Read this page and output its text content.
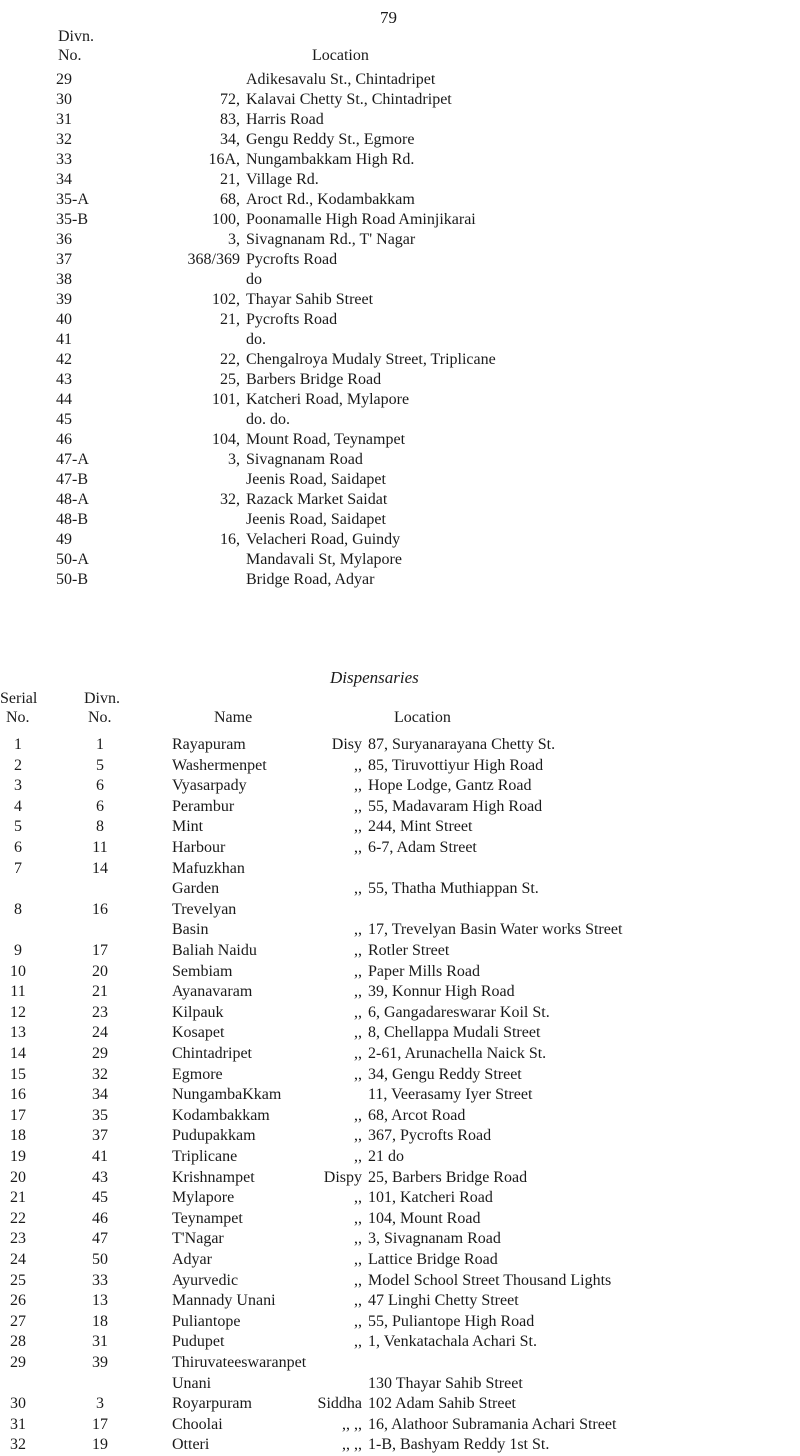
79
Divn.
No.	Location
29	Adikesavalu St., Chintadripet
30	72, Kalavai Chetty St., Chintadripet
31	83, Harris Road
32	34, Gengu Reddy St., Egmore
33	16A, Nungambakkam High Rd.
34	21, Village Rd.
35-A	68, Aroct Rd., Kodambakkam
35-B	100, Poonamalle High Road Aminjikarai
36	3, Sivagnanam Rd., T' Nagar
37	368/369 Pycrofts Road
38	do
39	102, Thayar Sahib Street
40	21, Pycrofts Road
41	do.
42	22, Chengalroya Mudaly Street, Triplicane
43	25, Barbers Bridge Road
44	101, Katcheri Road, Mylapore
45	do. do.
46	104, Mount Road, Teynampet
47-A	3, Sivagnanam Road
47-B	Jeenis Road, Saidapet
48-A	32, Razack Market Saidat
48-B	Jeenis Road, Saidapet
49	16, Velacheri Road, Guindy
50-A	Mandavali St, Mylapore
50-B	Bridge Road, Adyar
Dispensaries
Serial
No.
Divn.
No.	Name	Location
1	1	Rayapuram	Disy 87, Suryanarayana Chetty St.
2	5	Washermenpet	,, 85, Tiruvottiyur High Road
3	6	Vyasarpady	,, Hope Lodge, Gantz Road
4	6	Perambur	,, 55, Madavaram High Road
5	8	Mint	,, 244, Mint Street
6	11	Harbour	,, 6-7, Adam Street
7	14	Mafuzkhan
Garden	,, 55, Thatha Muthiappan St.
8	16	Trevelyan
Basin	,, 17, Trevelyan Basin Water works Street
9	17	Baliah Naidu	,, Rotler Street
10	20	Sembiam	,, Paper Mills Road
11	21	Ayanavaram	,, 39, Konnur High Road
12	23	Kilpauk	,, 6, Gangadareswarar Koil St.
13	24	Kosapet	,, 8, Chellappa Mudali Street
14	29	Chintadripet	,, 2-61, Arunachella Naick St.
15	32	Egmore	,, 34, Gengu Reddy Street
16	34	NungambaKkam	11, Veerasamy Iyer Street
17	35	Kodambakkam	,, 68, Arcot Road
18	37	Pudupakkam	,, 367, Pycrofts Road
19	41	Triplicane	,, 21 do
20	43	Krishnampet	Dispy 25, Barbers Bridge Road
21	45	Mylapore	,, 101, Katcheri Road
22	46	Teynampet	,, 104, Mount Road
23	47	T'Nagar	,, 3, Sivagnanam Road
24	50	Adyar	,, Lattice Bridge Road
25	33	Ayurvedic	,, Model School Street Thousand Lights
26	13	Mannady Unani	,, 47 Linghi Chetty Street
27	18	Puliantope	,, 55, Puliantope High Road
28	31	Pudupet	,, 1, Venkatachala Achari St.
29	39	Thiruvateeswaranpet
Unani	130 Thayar Sahib Street
30	3	Royarpuram	Siddha 102 Adam Sahib Street
31	17	Choolai	,, ,, 16, Alathoor Subramania Achari Street
32	19	Otteri	,, ,, 1-B, Bashyam Reddy 1st St.
